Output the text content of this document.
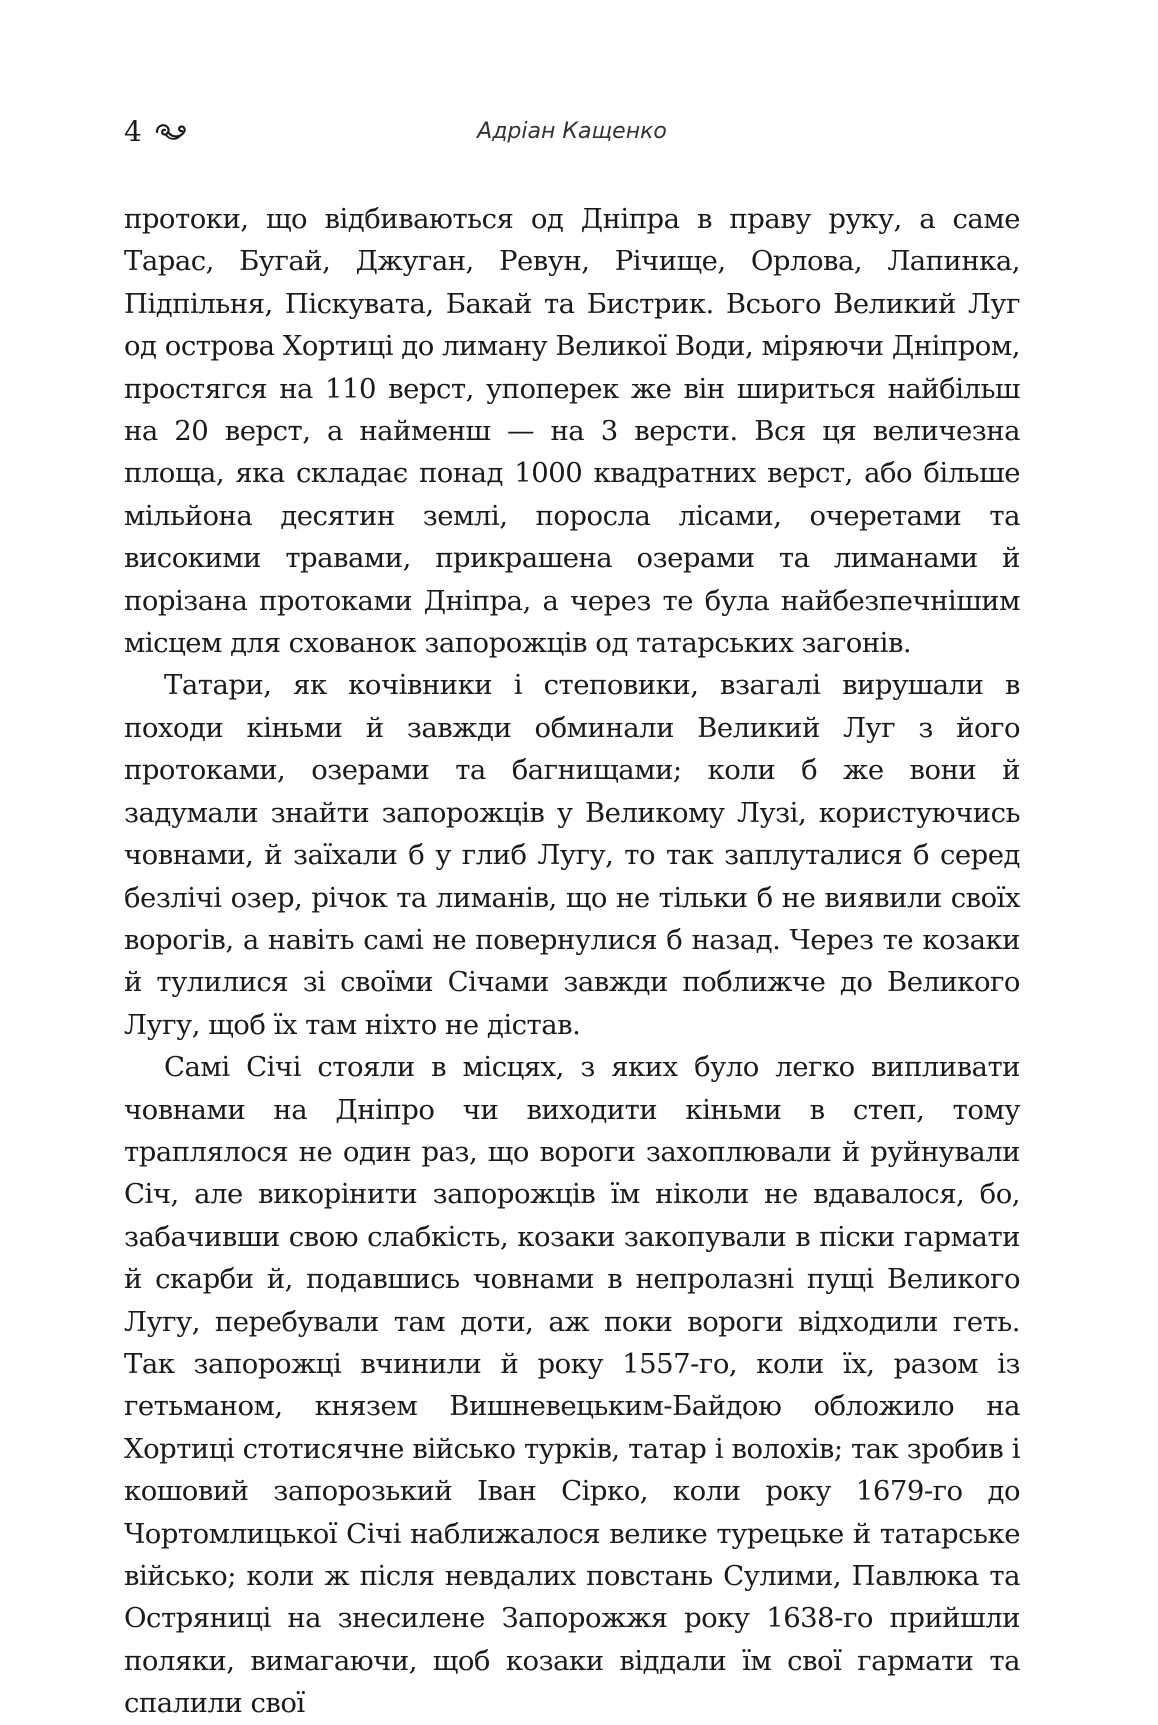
4	Адріан Кащенко

протоки, що відбиваються од Дніпра в праву руку, а саме Тарас, Бугай, Джуган, Ревун, Річище, Орлова, Лапинка, Підпільня, Піскувата, Бакай та Бистрик. Всього Великий Луг од острова Хортиці до лиману Великої Води, міряючи Дніпром, простягся на 110 верст, упоперек же він шириться найбільш на 20 верст, а найменш — на 3 версти. Вся ця величезна площа, яка складає понад 1000 квадратних верст, або більше мільйона десятин землі, поросла лісами, очеретами та високими травами, прикрашена озерами та лиманами й порізана протоками Дніпра, а через те була найбезпечнішим місцем для схованок запорожців од татарських загонів.

Татари, як кочівники і степовики, взагалі вирушали в походи кіньми й завжди обминали Великий Луг з його протоками, озерами та багнищами; коли б же вони й задумали знайти запорожців у Великому Лузі, користуючись човнами, й заїхали б у глиб Лугу, то так заплуталися б серед безлічі озер, річок та лиманів, що не тільки б не виявили своїх ворогів, а навіть самі не повернулися б назад. Через те козаки й тулилися зі своїми Січами завжди поближче до Великого Лугу, щоб їх там ніхто не дістав.

Самі Січі стояли в місцях, з яких було легко випливати човнами на Дніпро чи виходити кіньми в степ, тому траплялося не один раз, що вороги захоплювали й руйнували Січ, але викорінити запорожців їм ніколи не вдавалося, бо, забачивши свою слабкість, козаки закопували в піски гармати й скарби й, подавшись човнами в непролазні пущі Великого Лугу, перебували там доти, аж поки вороги відходили геть. Так запорожці вчинили й року 1557-го, коли їх, разом із гетьманом, князем Вишневецьким-Байдою обложило на Хортиці стотисячне військо турків, татар і волохів; так зробив і кошовий запорозький Іван Сірко, коли року 1679-го до Чортомлицької Січі наближалося велике турецьке й татарське військо; коли ж після невдалих повстань Сулими, Павлюка та Остряниці на знесилене Запорожжя року 1638-го прийшли поляки, вимагаючи, щоб козаки віддали їм свої гармати та спалили свої
